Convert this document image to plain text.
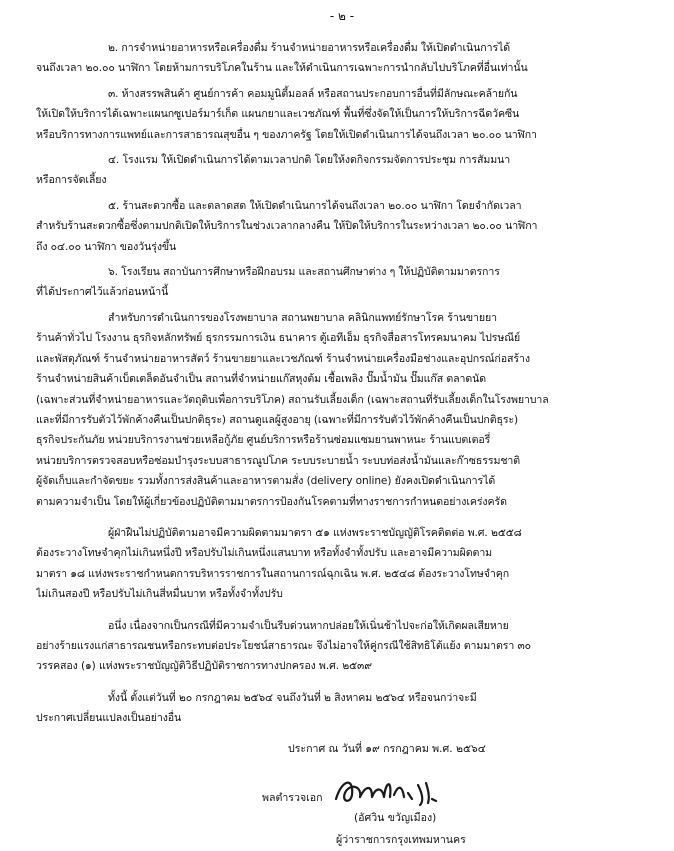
- ๒ -
๒. การจำหน่ายอาหารหรือเครื่องดื่ม ร้านจำหน่ายอาหารหรือเครื่องดื่ม ให้เปิดดำเนินการได้
จนถึงเวลา ๒๐.๐๐ นาฬิกา โดยห้ามการบริโภคในร้าน และให้ดำเนินการเฉพาะการนำกลับไปบริโภคที่อื่นเท่านั้น
๓. ห้างสรรพสินค้า ศูนย์การค้า คอมมูนิตี้มอลล์ หรือสถานประกอบการอื่นที่มีลักษณะคล้ายกัน
ให้เปิดให้บริการได้เฉพาะแผนกซูเปอร์มาร์เก็ต แผนกยาและเวชภัณฑ์ พื้นที่ซึ่งจัดให้เป็นการให้บริการฉีดวัคซีน
หรือบริการทางการแพทย์และการสาธารณสุขอื่น ๆ ของภาครัฐ โดยให้เปิดดำเนินการได้จนถึงเวลา ๒๐.๐๐ นาฬิกา
๔. โรงแรม ให้เปิดดำเนินการได้ตามเวลาปกติ โดยให้งดกิจกรรมจัดการประชุม การสัมมนา
หรือการจัดเลี้ยง
๕. ร้านสะดวกซื้อ และตลาดสด ให้เปิดดำเนินการได้จนถึงเวลา ๒๐.๐๐ นาฬิกา โดยจำกัดเวลา
สำหรับร้านสะดวกซื้อซึ่งตามปกติเปิดให้บริการในช่วงเวลากลางคืน ให้ปิดให้บริการในระหว่างเวลา ๒๐.๐๐ นาฬิกา
ถึง ๐๔.๐๐ นาฬิกา ของวันรุ่งขึ้น
๖. โรงเรียน สถาบันการศึกษาหรือฝึกอบรม และสถานศึกษาต่าง ๆ ให้ปฏิบัติตามมาตรการ
ที่ได้ประกาศไว้แล้วก่อนหน้านี้
สำหรับการดำเนินการของโรงพยาบาล สถานพยาบาล คลินิกแพทย์รักษาโรค ร้านขายยา
ร้านค้าทั่วไป โรงงาน ธุรกิจหลักทรัพย์ ธุรกรรมการเงิน ธนาคาร ตู้เอทีเอ็ม ธุรกิจสื่อสารโทรคมนาคม ไปรษณีย์
และพัสดุภัณฑ์ ร้านจำหน่ายอาหารสัตว์ ร้านขายยาและเวชภัณฑ์ ร้านจำหน่ายเครื่องมือช่างและอุปกรณ์ก่อสร้าง
ร้านจำหน่ายสินค้าเบ็ดเตล็ดอันจำเป็น สถานที่จำหน่ายแก๊สหุงต้ม เชื้อเพลิง ปั๊มน้ำมัน ปั๊มแก๊ส ตลาดนัด
(เฉพาะส่วนที่จำหน่ายอาหารและวัตถุดิบเพื่อการบริโภค) สถานรับเลี้ยงเด็ก (เฉพาะสถานที่รับเลี้ยงเด็กในโรงพยาบาล
และที่มีการรับตัวไว้พักค้างคืนเป็นปกติธุระ) สถานดูแลผู้สูงอายุ (เฉพาะที่มีการรับตัวไว้พักค้างคืนเป็นปกติธุระ)
ธุรกิจประกันภัย หน่วยบริการงานช่วยเหลือกู้ภัย ศูนย์บริการหรือร้านซ่อมแซมยานพาหนะ ร้านแบตเตอรี่
หน่วยบริการตรวจสอบหรือซ่อมบำรุงระบบสาธารณูปโภค ระบบระบายน้ำ ระบบท่อส่งน้ำมันและก๊าซธรรมชาติ
ผู้จัดเก็บและกำจัดขยะ รวมทั้งการส่งสินค้าและอาหารตามสั่ง (delivery online) ยังคงเปิดดำเนินการได้
ตามความจำเป็น โดยให้ผู้เกี่ยวข้องปฏิบัติตามมาตรการป้องกันโรคตามที่ทางราชการกำหนดอย่างเคร่งครัด
ผู้ฝ่าฝืนไม่ปฏิบัติตามอาจมีความผิดตามมาตรา ๕๑ แห่งพระราชบัญญัติโรคติดต่อ พ.ศ. ๒๕๕๘
ต้องระวางโทษจำคุกไม่เกินหนึ่งปี หรือปรับไม่เกินหนึ่งแสนบาท หรือทั้งจำทั้งปรับ และอาจมีความผิดตาม
มาตรา ๑๘ แห่งพระราชกำหนดการบริหารราชการในสถานการณ์ฉุกเฉิน พ.ศ. ๒๕๔๘ ต้องระวางโทษจำคุก
ไม่เกินสองปี หรือปรับไม่เกินสี่หมื่นบาท หรือทั้งจำทั้งปรับ
อนึ่ง เนื่องจากเป็นกรณีที่มีความจำเป็นรีบด่วนหากปล่อยให้เนิ่นช้าไปจะก่อให้เกิดผลเสียหาย
อย่างร้ายแรงแก่สาธารณชนหรือกระทบต่อประโยชน์สาธารณะ จึงไม่อาจให้คู่กรณีใช้สิทธิโต้แย้ง ตามมาตรา ๓๐
วรรคสอง (๑) แห่งพระราชบัญญัติวิธีปฏิบัติราชการทางปกครอง พ.ศ. ๒๕๓๙
ทั้งนี้ ตั้งแต่วันที่ ๒๐ กรกฎาคม ๒๕๖๔ จนถึงวันที่ ๒ สิงหาคม ๒๕๖๔ หรือจนกว่าจะมี
ประกาศเปลี่ยนแปลงเป็นอย่างอื่น
ประกาศ ณ วันที่ ๑๙ กรกฎาคม พ.ศ. ๒๕๖๔
พลตำรวจเอก
(อัศวิน ขวัญเมือง)
ผู้ว่าราชการกรุงเทพมหานคร
